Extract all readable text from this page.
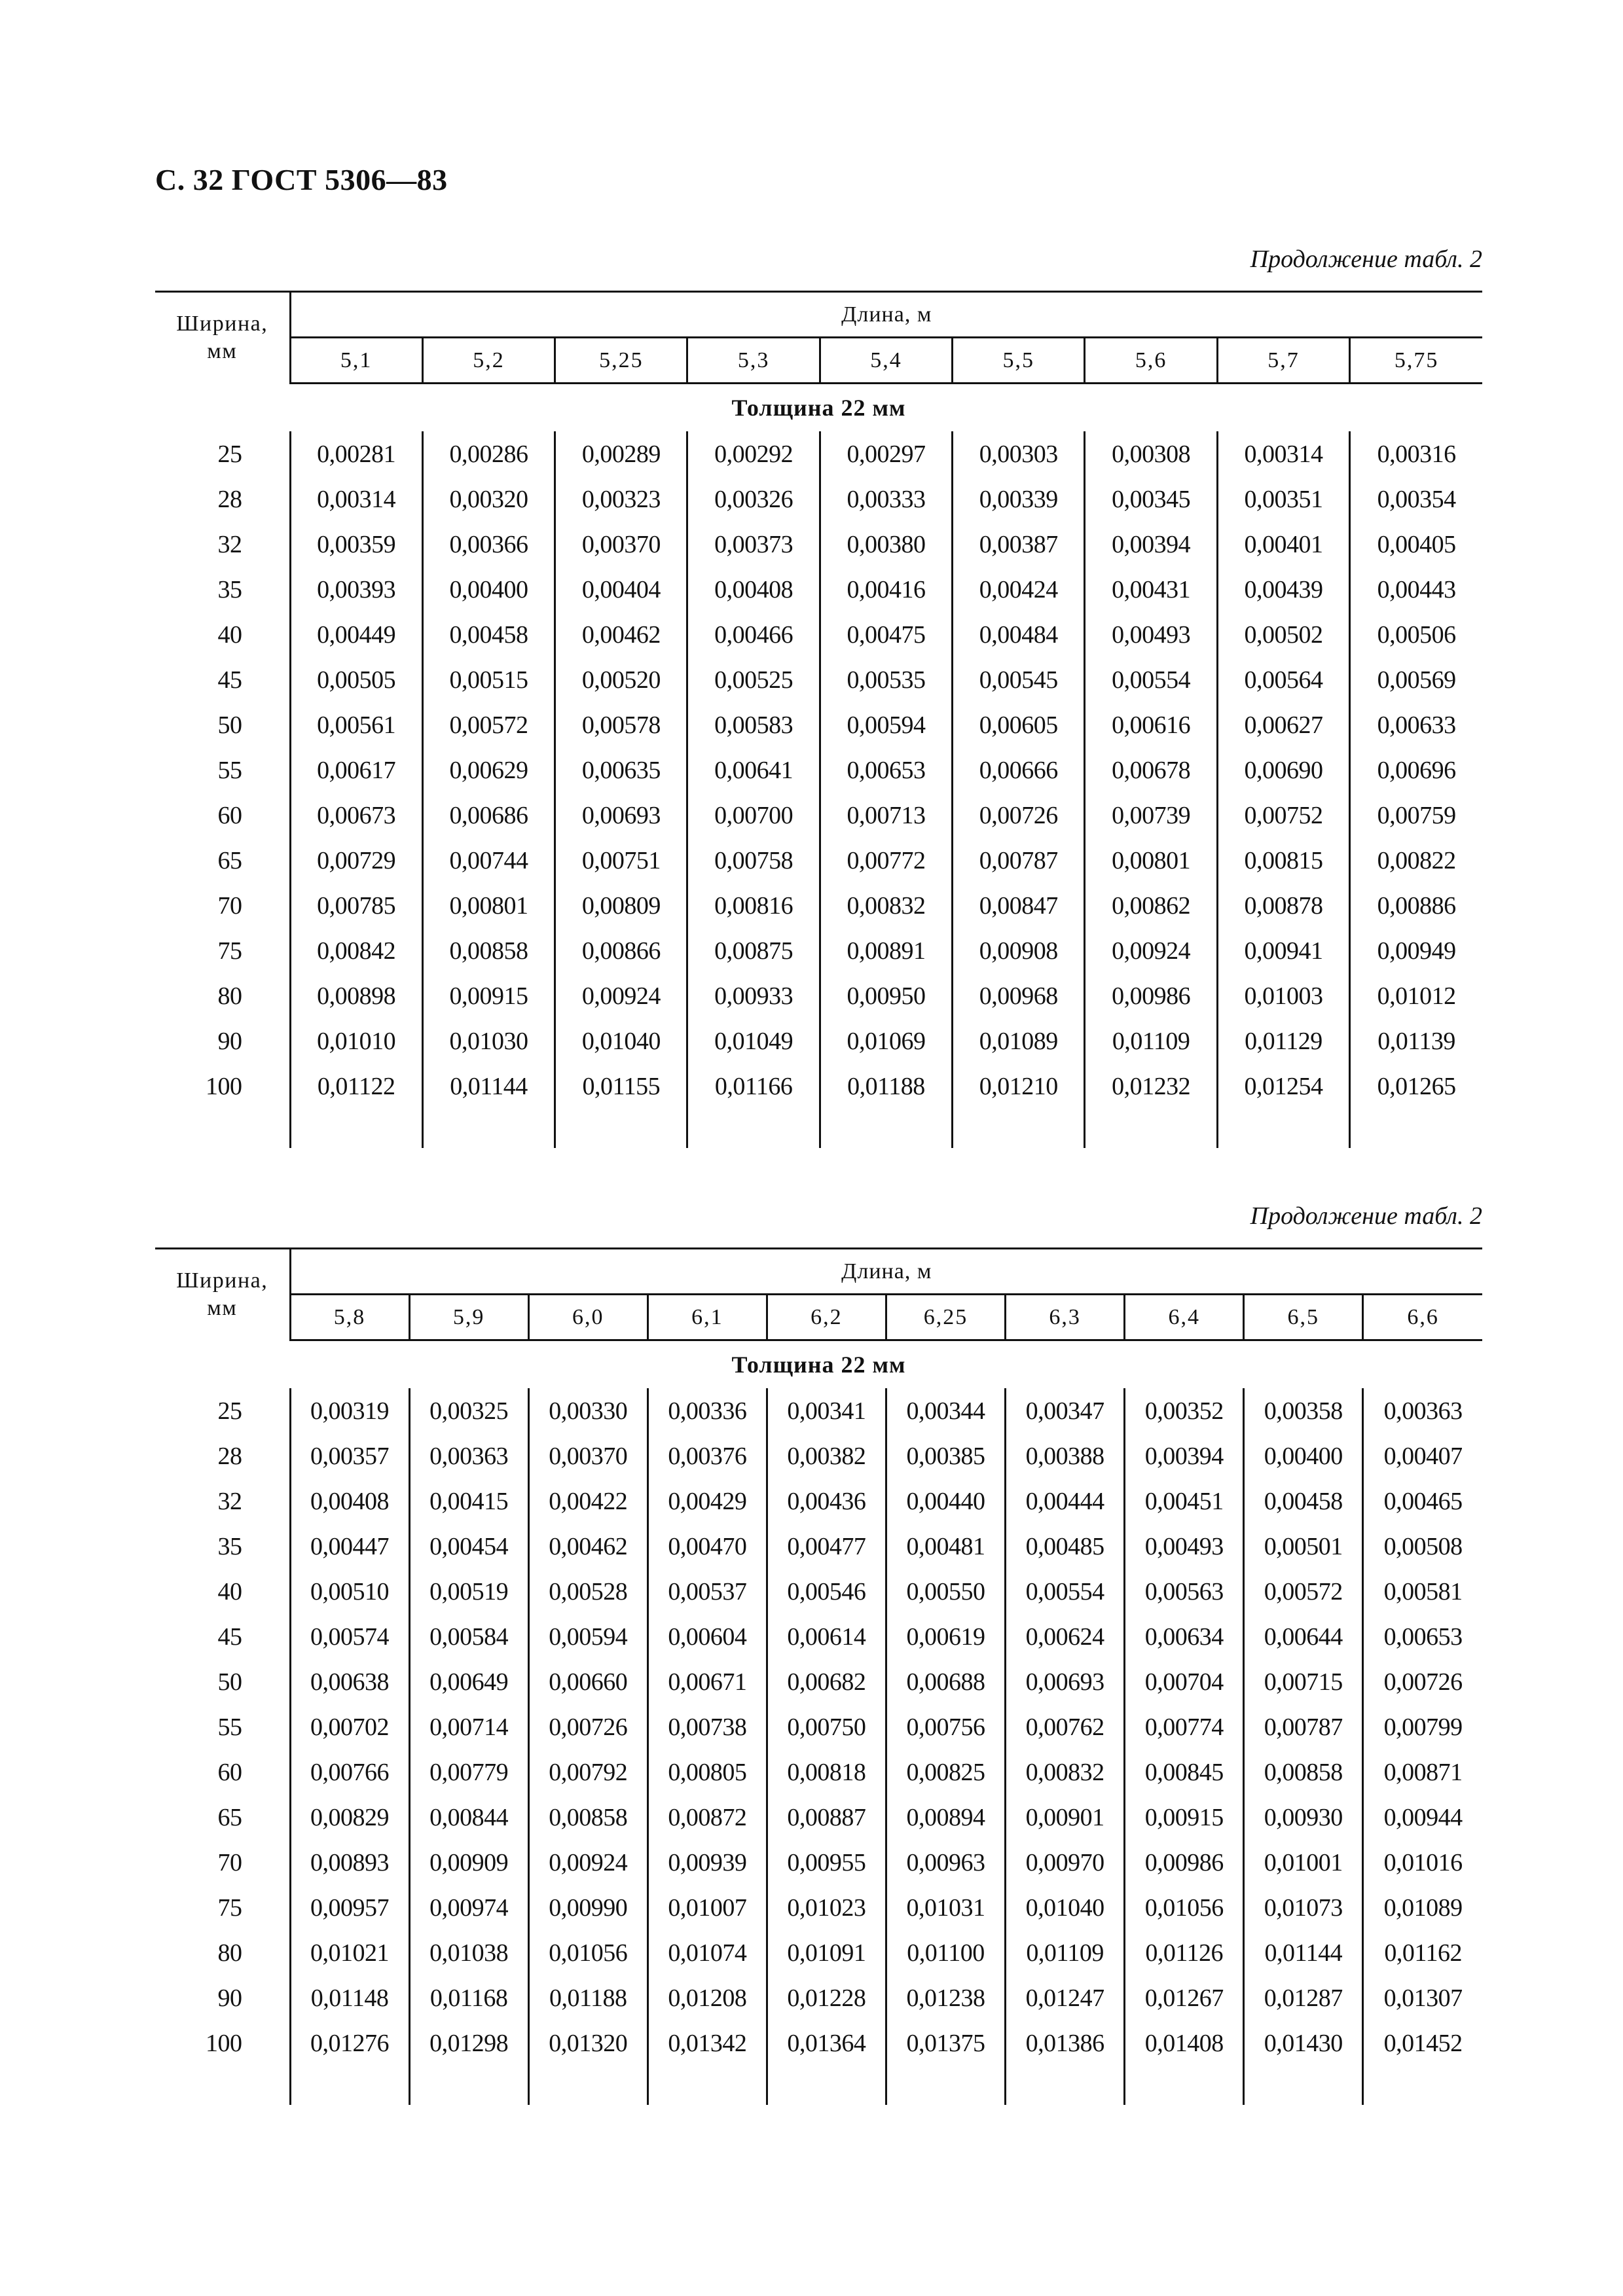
С. 32 ГОСТ 5306—83
Продолжение табл. 2
Ширина,
мм	Длина, м								
	5,1	5,2	5,25	5,3	5,4	5,5	5,6	5,7	5,75
Толщина 22 мм									
25	0,00281	0,00286	0,00289	0,00292	0,00297	0,00303	0,00308	0,00314	0,00316
28	0,00314	0,00320	0,00323	0,00326	0,00333	0,00339	0,00345	0,00351	0,00354
32	0,00359	0,00366	0,00370	0,00373	0,00380	0,00387	0,00394	0,00401	0,00405
35	0,00393	0,00400	0,00404	0,00408	0,00416	0,00424	0,00431	0,00439	0,00443
40	0,00449	0,00458	0,00462	0,00466	0,00475	0,00484	0,00493	0,00502	0,00506
45	0,00505	0,00515	0,00520	0,00525	0,00535	0,00545	0,00554	0,00564	0,00569
50	0,00561	0,00572	0,00578	0,00583	0,00594	0,00605	0,00616	0,00627	0,00633
55	0,00617	0,00629	0,00635	0,00641	0,00653	0,00666	0,00678	0,00690	0,00696
60	0,00673	0,00686	0,00693	0,00700	0,00713	0,00726	0,00739	0,00752	0,00759
65	0,00729	0,00744	0,00751	0,00758	0,00772	0,00787	0,00801	0,00815	0,00822
70	0,00785	0,00801	0,00809	0,00816	0,00832	0,00847	0,00862	0,00878	0,00886
75	0,00842	0,00858	0,00866	0,00875	0,00891	0,00908	0,00924	0,00941	0,00949
80	0,00898	0,00915	0,00924	0,00933	0,00950	0,00968	0,00986	0,01003	0,01012
90	0,01010	0,01030	0,01040	0,01049	0,01069	0,01089	0,01109	0,01129	0,01139
100	0,01122	0,01144	0,01155	0,01166	0,01188	0,01210	0,01232	0,01254	0,01265

Продолжение табл. 2
Ширина,
мм	Длина, м									
	5,8	5,9	6,0	6,1	6,2	6,25	6,3	6,4	6,5	6,6
Толщина 22 мм										
25	0,00319	0,00325	0,00330	0,00336	0,00341	0,00344	0,00347	0,00352	0,00358	0,00363
28	0,00357	0,00363	0,00370	0,00376	0,00382	0,00385	0,00388	0,00394	0,00400	0,00407
32	0,00408	0,00415	0,00422	0,00429	0,00436	0,00440	0,00444	0,00451	0,00458	0,00465
35	0,00447	0,00454	0,00462	0,00470	0,00477	0,00481	0,00485	0,00493	0,00501	0,00508
40	0,00510	0,00519	0,00528	0,00537	0,00546	0,00550	0,00554	0,00563	0,00572	0,00581
45	0,00574	0,00584	0,00594	0,00604	0,00614	0,00619	0,00624	0,00634	0,00644	0,00653
50	0,00638	0,00649	0,00660	0,00671	0,00682	0,00688	0,00693	0,00704	0,00715	0,00726
55	0,00702	0,00714	0,00726	0,00738	0,00750	0,00756	0,00762	0,00774	0,00787	0,00799
60	0,00766	0,00779	0,00792	0,00805	0,00818	0,00825	0,00832	0,00845	0,00858	0,00871
65	0,00829	0,00844	0,00858	0,00872	0,00887	0,00894	0,00901	0,00915	0,00930	0,00944
70	0,00893	0,00909	0,00924	0,00939	0,00955	0,00963	0,00970	0,00986	0,01001	0,01016
75	0,00957	0,00974	0,00990	0,01007	0,01023	0,01031	0,01040	0,01056	0,01073	0,01089
80	0,01021	0,01038	0,01056	0,01074	0,01091	0,01100	0,01109	0,01126	0,01144	0,01162
90	0,01148	0,01168	0,01188	0,01208	0,01228	0,01238	0,01247	0,01267	0,01287	0,01307
100	0,01276	0,01298	0,01320	0,01342	0,01364	0,01375	0,01386	0,01408	0,01430	0,01452
